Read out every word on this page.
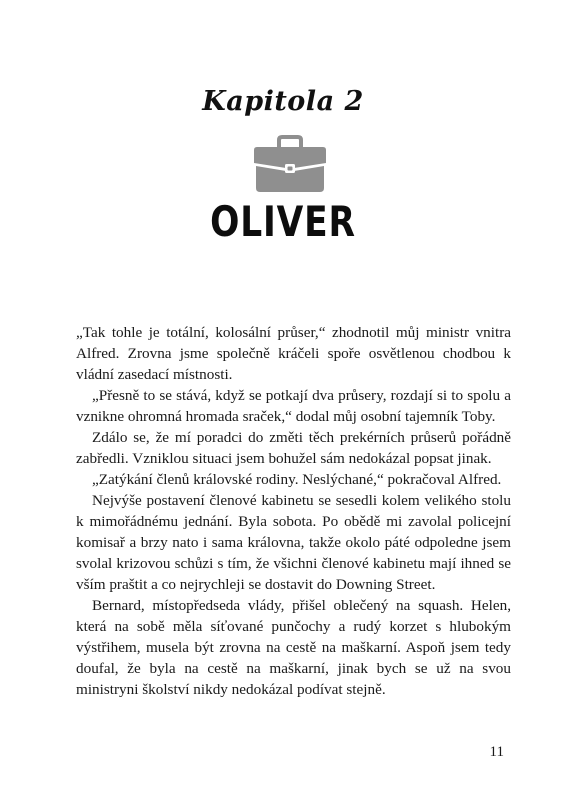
Kapitola 2
OLIVER

„Tak tohle je totální, kolosální průser,“ zhodnotil můj ministr vnitra Alfred. Zrovna jsme společně kráčeli spoře osvětlenou chodbou k vládní zasedací místnosti.

„Přesně to se stává, když se potkají dva průsery, rozdají si to spolu a vznikne ohromná hromada sraček,“ dodal můj osobní tajemník Toby.

Zdálo se, že mí poradci do změti těch prekérních průserů pořádně zabředli. Vzniklou situaci jsem bohužel sám nedokázal popsat jinak.

„Zatýkání členů královské rodiny. Neslýchané,“ pokračoval Alfred.

Nejvýše postavení členové kabinetu se sesedli kolem velikého stolu k mimořádnému jednání. Byla sobota. Po obědě mi zavolal policejní komisař a brzy nato i sama královna, takže okolo páté odpoledne jsem svolal krizovou schůzi s tím, že všichni členové kabinetu mají ihned se vším praštit a co nejrychleji se dostavit do Downing Street.

Bernard, místopředseda vlády, přišel oblečený na squash. Helen, která na sobě měla síťované punčochy a rudý korzet s hlubokým výstřihem, musela být zrovna na cestě na maškarní. Aspoň jsem tedy doufal, že byla na cestě na maškarní, jinak bych se už na svou ministryni školství nikdy nedokázal podívat stejně.

11
